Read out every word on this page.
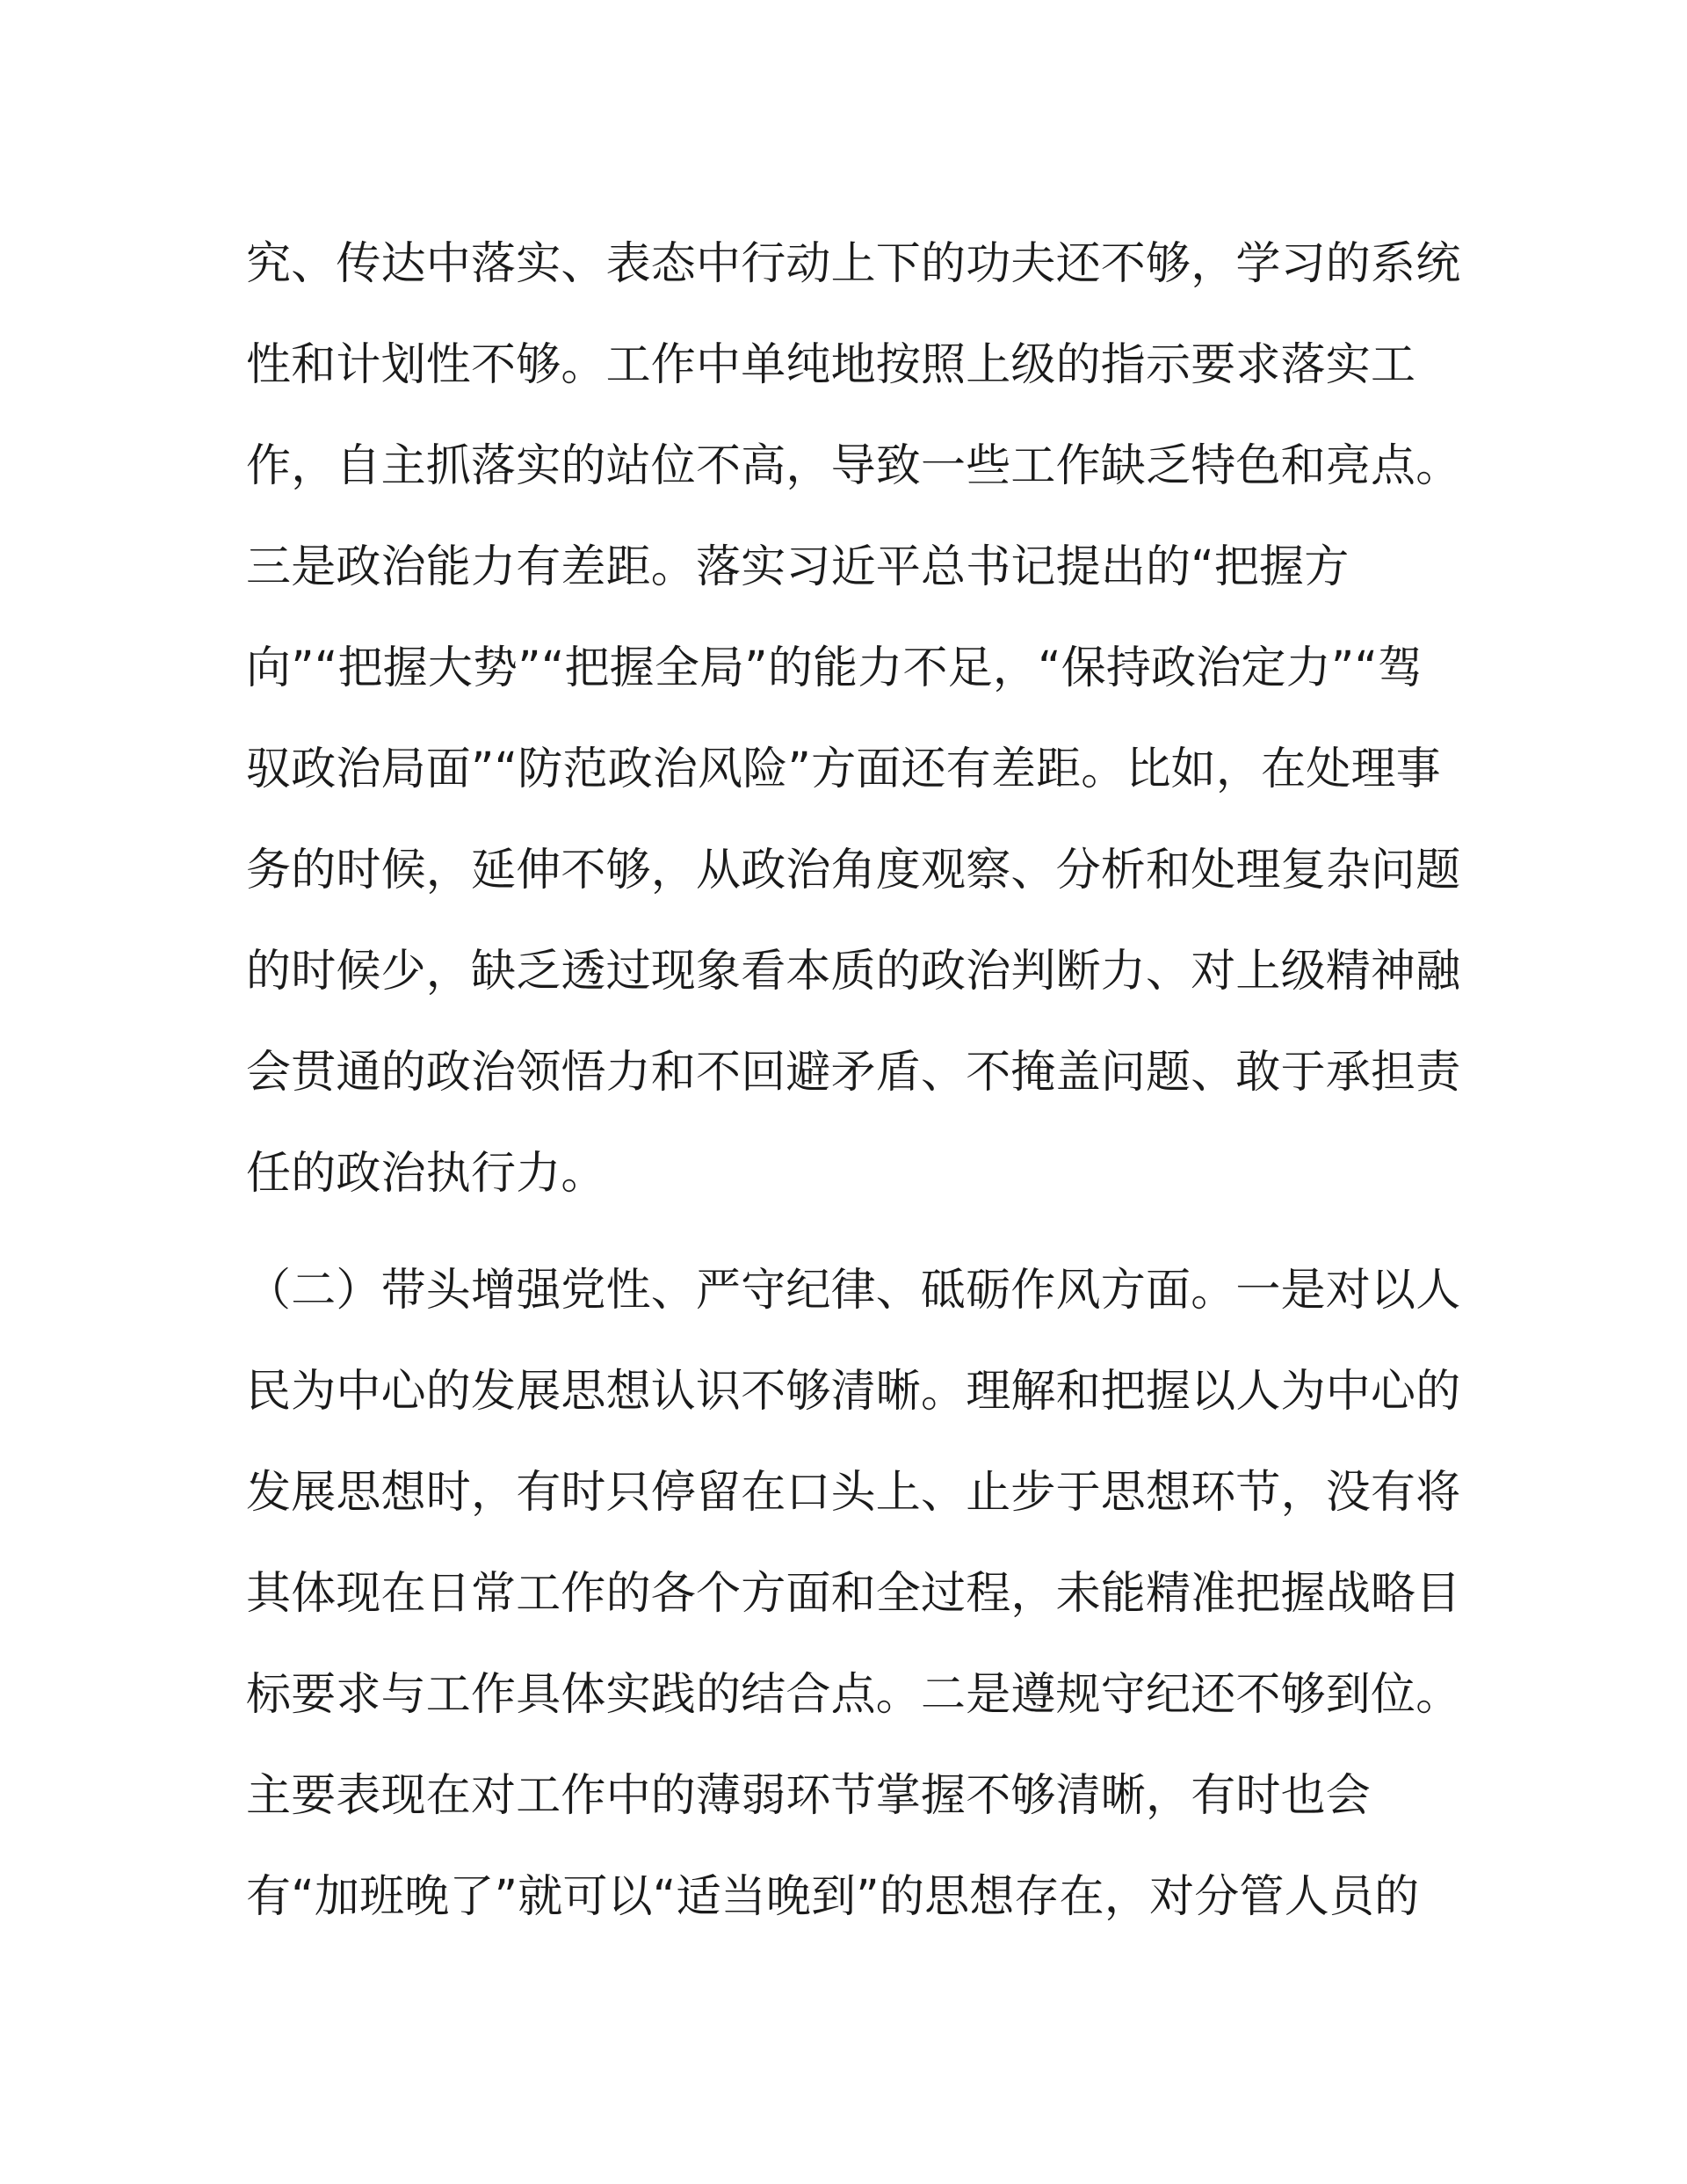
究、传达中落实、表态中行动上下的功夫还不够，学习的系统
性和计划性不够。工作中单纯地按照上级的指示要求落实工
作，自主抓落实的站位不高，导致一些工作缺乏特色和亮点。
三是政治能力有差距。落实习近平总书记提出的“把握方
向”“把握大势”“把握全局”的能力不足，“保持政治定力”“驾
驭政治局面”“防范政治风险”方面还有差距。比如，在处理事
务的时候，延伸不够，从政治角度观察、分析和处理复杂问题
的时候少，缺乏透过现象看本质的政治判断力、对上级精神融
会贯通的政治领悟力和不回避矛盾、不掩盖问题、敢于承担责
任的政治执行力。
（二）带头增强党性、严守纪律、砥砺作风方面。一是对以人
民为中心的发展思想认识不够清晰。理解和把握以人为中心的
发展思想时，有时只停留在口头上、止步于思想环节，没有将
其体现在日常工作的各个方面和全过程，未能精准把握战略目
标要求与工作具体实践的结合点。二是遵规守纪还不够到位。
主要表现在对工作中的薄弱环节掌握不够清晰，有时也会
有“加班晚了”就可以“适当晚到”的思想存在，对分管人员的
